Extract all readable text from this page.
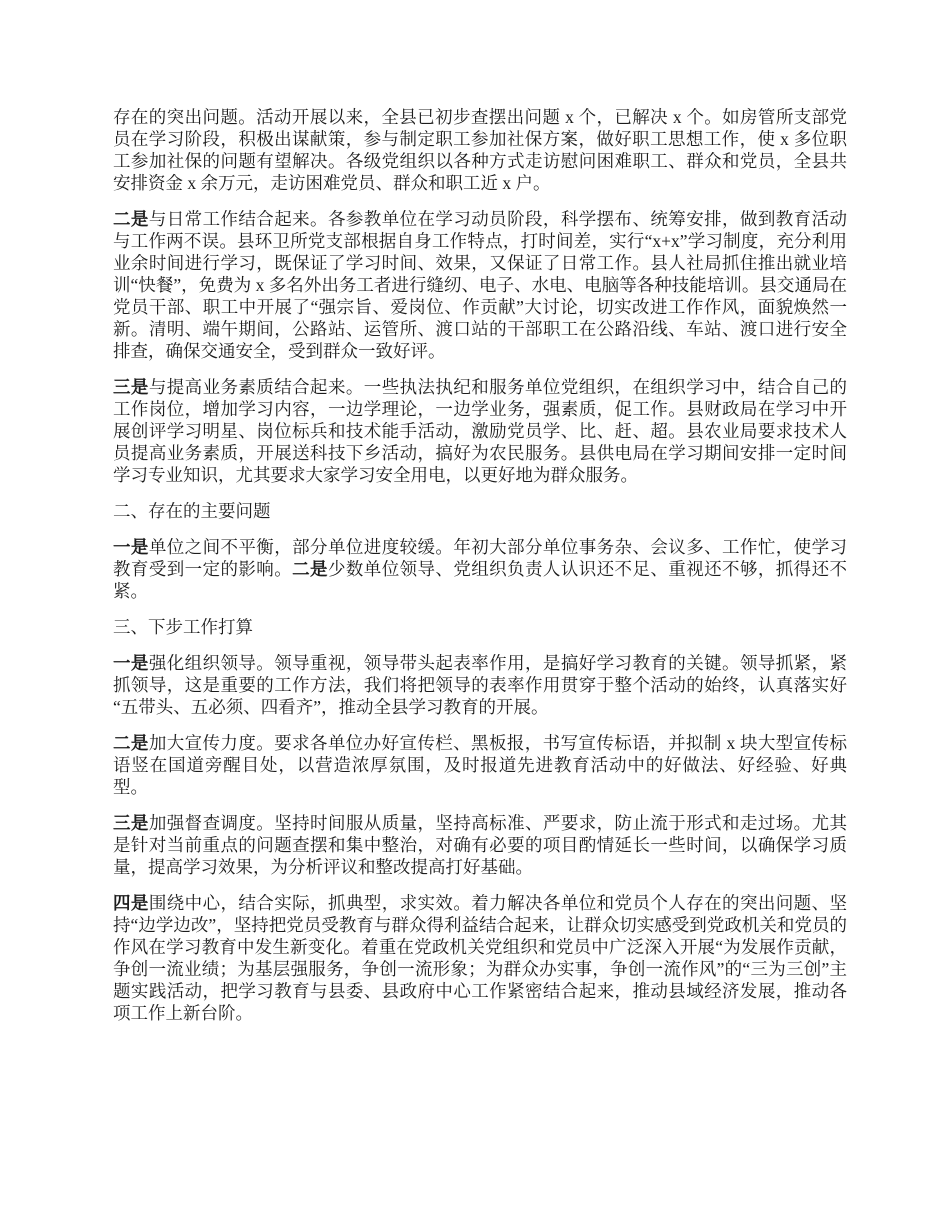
存在的突出问题。活动开展以来，全县已初步查摆出问题 x 个，已解决 x 个。如房管所支部党员在学习阶段，积极出谋献策，参与制定职工参加社保方案，做好职工思想工作，使 x 多位职工参加社保的问题有望解决。各级党组织以各种方式走访慰问困难职工、群众和党员，全县共安排资金 x 余万元，走访困难党员、群众和职工近 x 户。

二是与日常工作结合起来。各参教单位在学习动员阶段，科学摆布、统筹安排，做到教育活动与工作两不误。县环卫所党支部根据自身工作特点，打时间差，实行“x+x”学习制度，充分利用业余时间进行学习，既保证了学习时间、效果，又保证了日常工作。县人社局抓住推出就业培训“快餐”，免费为 x 多名外出务工者进行缝纫、电子、水电、电脑等各种技能培训。县交通局在党员干部、职工中开展了“强宗旨、爱岗位、作贡献”大讨论，切实改进工作作风，面貌焕然一新。清明、端午期间，公路站、运管所、渡口站的干部职工在公路沿线、车站、渡口进行安全排查，确保交通安全，受到群众一致好评。

三是与提高业务素质结合起来。一些执法执纪和服务单位党组织，在组织学习中，结合自己的工作岗位，增加学习内容，一边学理论，一边学业务，强素质，促工作。县财政局在学习中开展创评学习明星、岗位标兵和技术能手活动，激励党员学、比、赶、超。县农业局要求技术人员提高业务素质，开展送科技下乡活动，搞好为农民服务。县供电局在学习期间安排一定时间学习专业知识，尤其要求大家学习安全用电，以更好地为群众服务。

二、存在的主要问题

一是单位之间不平衡，部分单位进度较缓。年初大部分单位事务杂、会议多、工作忙，使学习教育受到一定的影响。二是少数单位领导、党组织负责人认识还不足、重视还不够，抓得还不紧。

三、下步工作打算

一是强化组织领导。领导重视，领导带头起表率作用，是搞好学习教育的关键。领导抓紧，紧抓领导，这是重要的工作方法，我们将把领导的表率作用贯穿于整个活动的始终，认真落实好“五带头、五必须、四看齐”，推动全县学习教育的开展。

二是加大宣传力度。要求各单位办好宣传栏、黑板报，书写宣传标语，并拟制 x 块大型宣传标语竖在国道旁醒目处，以营造浓厚氛围，及时报道先进教育活动中的好做法、好经验、好典型。

三是加强督查调度。坚持时间服从质量，坚持高标准、严要求，防止流于形式和走过场。尤其是针对当前重点的问题查摆和集中整治，对确有必要的项目酌情延长一些时间，以确保学习质量，提高学习效果，为分析评议和整改提高打好基础。

四是围绕中心，结合实际，抓典型，求实效。着力解决各单位和党员个人存在的突出问题、坚持“边学边改”，坚持把党员受教育与群众得利益结合起来，让群众切实感受到党政机关和党员的作风在学习教育中发生新变化。着重在党政机关党组织和党员中广泛深入开展“为发展作贡献，争创一流业绩；为基层强服务，争创一流形象；为群众办实事，争创一流作风”的“三为三创”主题实践活动，把学习教育与县委、县政府中心工作紧密结合起来，推动县域经济发展，推动各项工作上新台阶。
